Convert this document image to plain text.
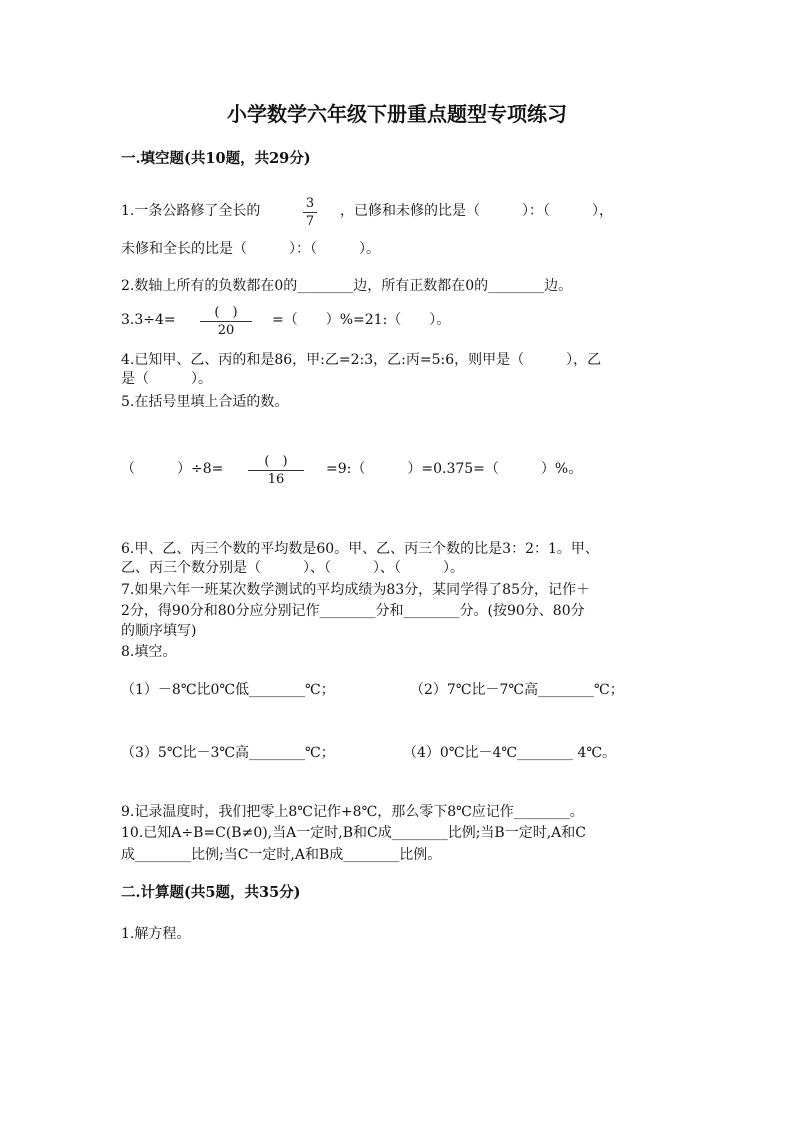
小学数学六年级下册重点题型专项练习
一.填空题(共10题，共29分)
1.一条公路修了全长的	3
7
，已修和未修的比是（　　　）：（　　　），
未修和全长的比是（　　　）：（　　　）。
2.数轴上所有的负数都在0的________边，所有正数都在0的________边。
3.3÷4=	(　)
20
=（　　）%=21:（　　）。
4.已知甲、乙、丙的和是86，甲:乙=2:3，乙:丙=5:6，则甲是（　　　），乙
是（　　　）。
5.在括号里填上合适的数。
（　　　）÷8=	(　)
16
=9:（　　　）=0.375=（　　　）%。
6.甲、乙、丙三个数的平均数是60。甲、乙、丙三个数的比是3：2：1。甲、
乙、丙三个数分别是（　　　）、（　　　）、（　　　）。
7.如果六年一班某次数学测试的平均成绩为83分，某同学得了85分，记作＋
2分，得90分和80分应分别记作________分和________分。(按90分、80分
的顺序填写)
8.填空。
（1）－8℃比0℃低________℃；	（2）7℃比－7℃高________℃；
（3）5℃比－3℃高________℃；	（4）0℃比－4℃________ 4℃。
9.记录温度时，我们把零上8℃记作+8℃，那么零下8℃应记作________。
10.已知A÷B=C(B≠0),当A一定时,B和C成________比例;当B一定时,A和C
成________比例;当C一定时,A和B成________比例。
二.计算题(共5题，共35分)
1.解方程。
